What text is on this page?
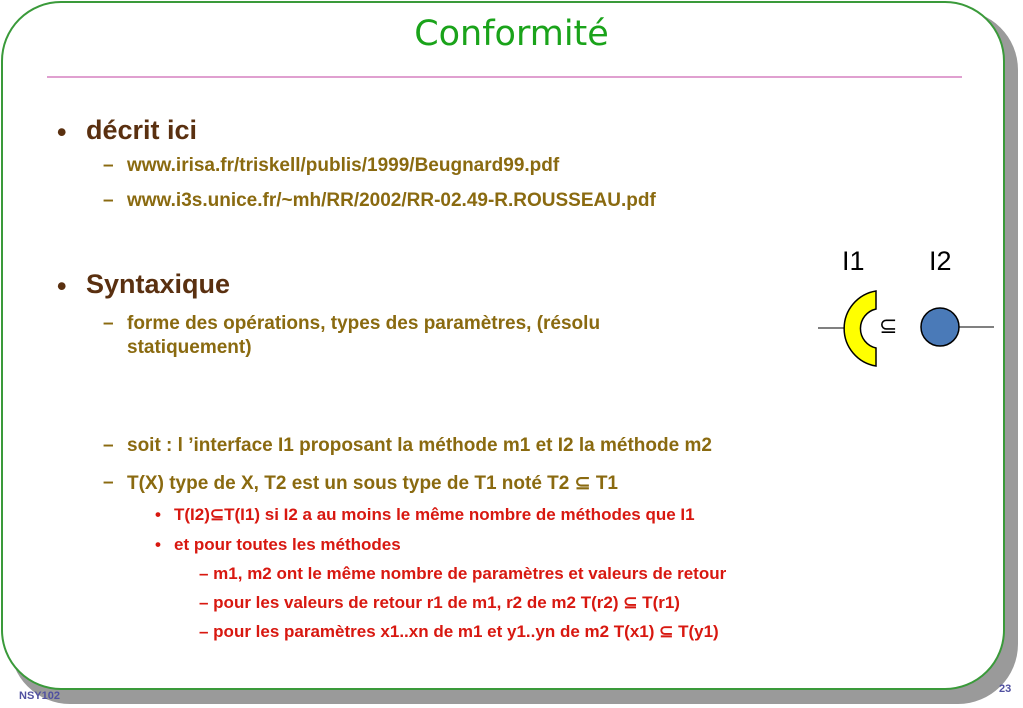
Conformité
• décrit ici
– www.irisa.fr/triskell/publis/1999/Beugnard99.pdf
– www.i3s.unice.fr/~mh/RR/2002/RR-02.49-R.ROUSSEAU.pdf
• Syntaxique
– forme des opérations, types des paramètres, (résolu
statiquement)
– soit : l ’interface I1 proposant la méthode m1 et I2 la méthode m2
– T(X) type de X, T2 est un sous type de T1 noté T2 ⊆ T1
• T(I2)⊆T(I1) si I2 a au moins le même nombre de méthodes que I1
• et pour toutes les méthodes
– m1, m2 ont le même nombre de paramètres et valeurs de retour
– pour les valeurs de retour r1 de m1, r2 de m2 T(r2) ⊆ T(r1)
– pour les paramètres x1..xn de m1 et y1..yn de m2 T(x1) ⊆ T(y1)
I1 I2
⊆
NSY102
23
